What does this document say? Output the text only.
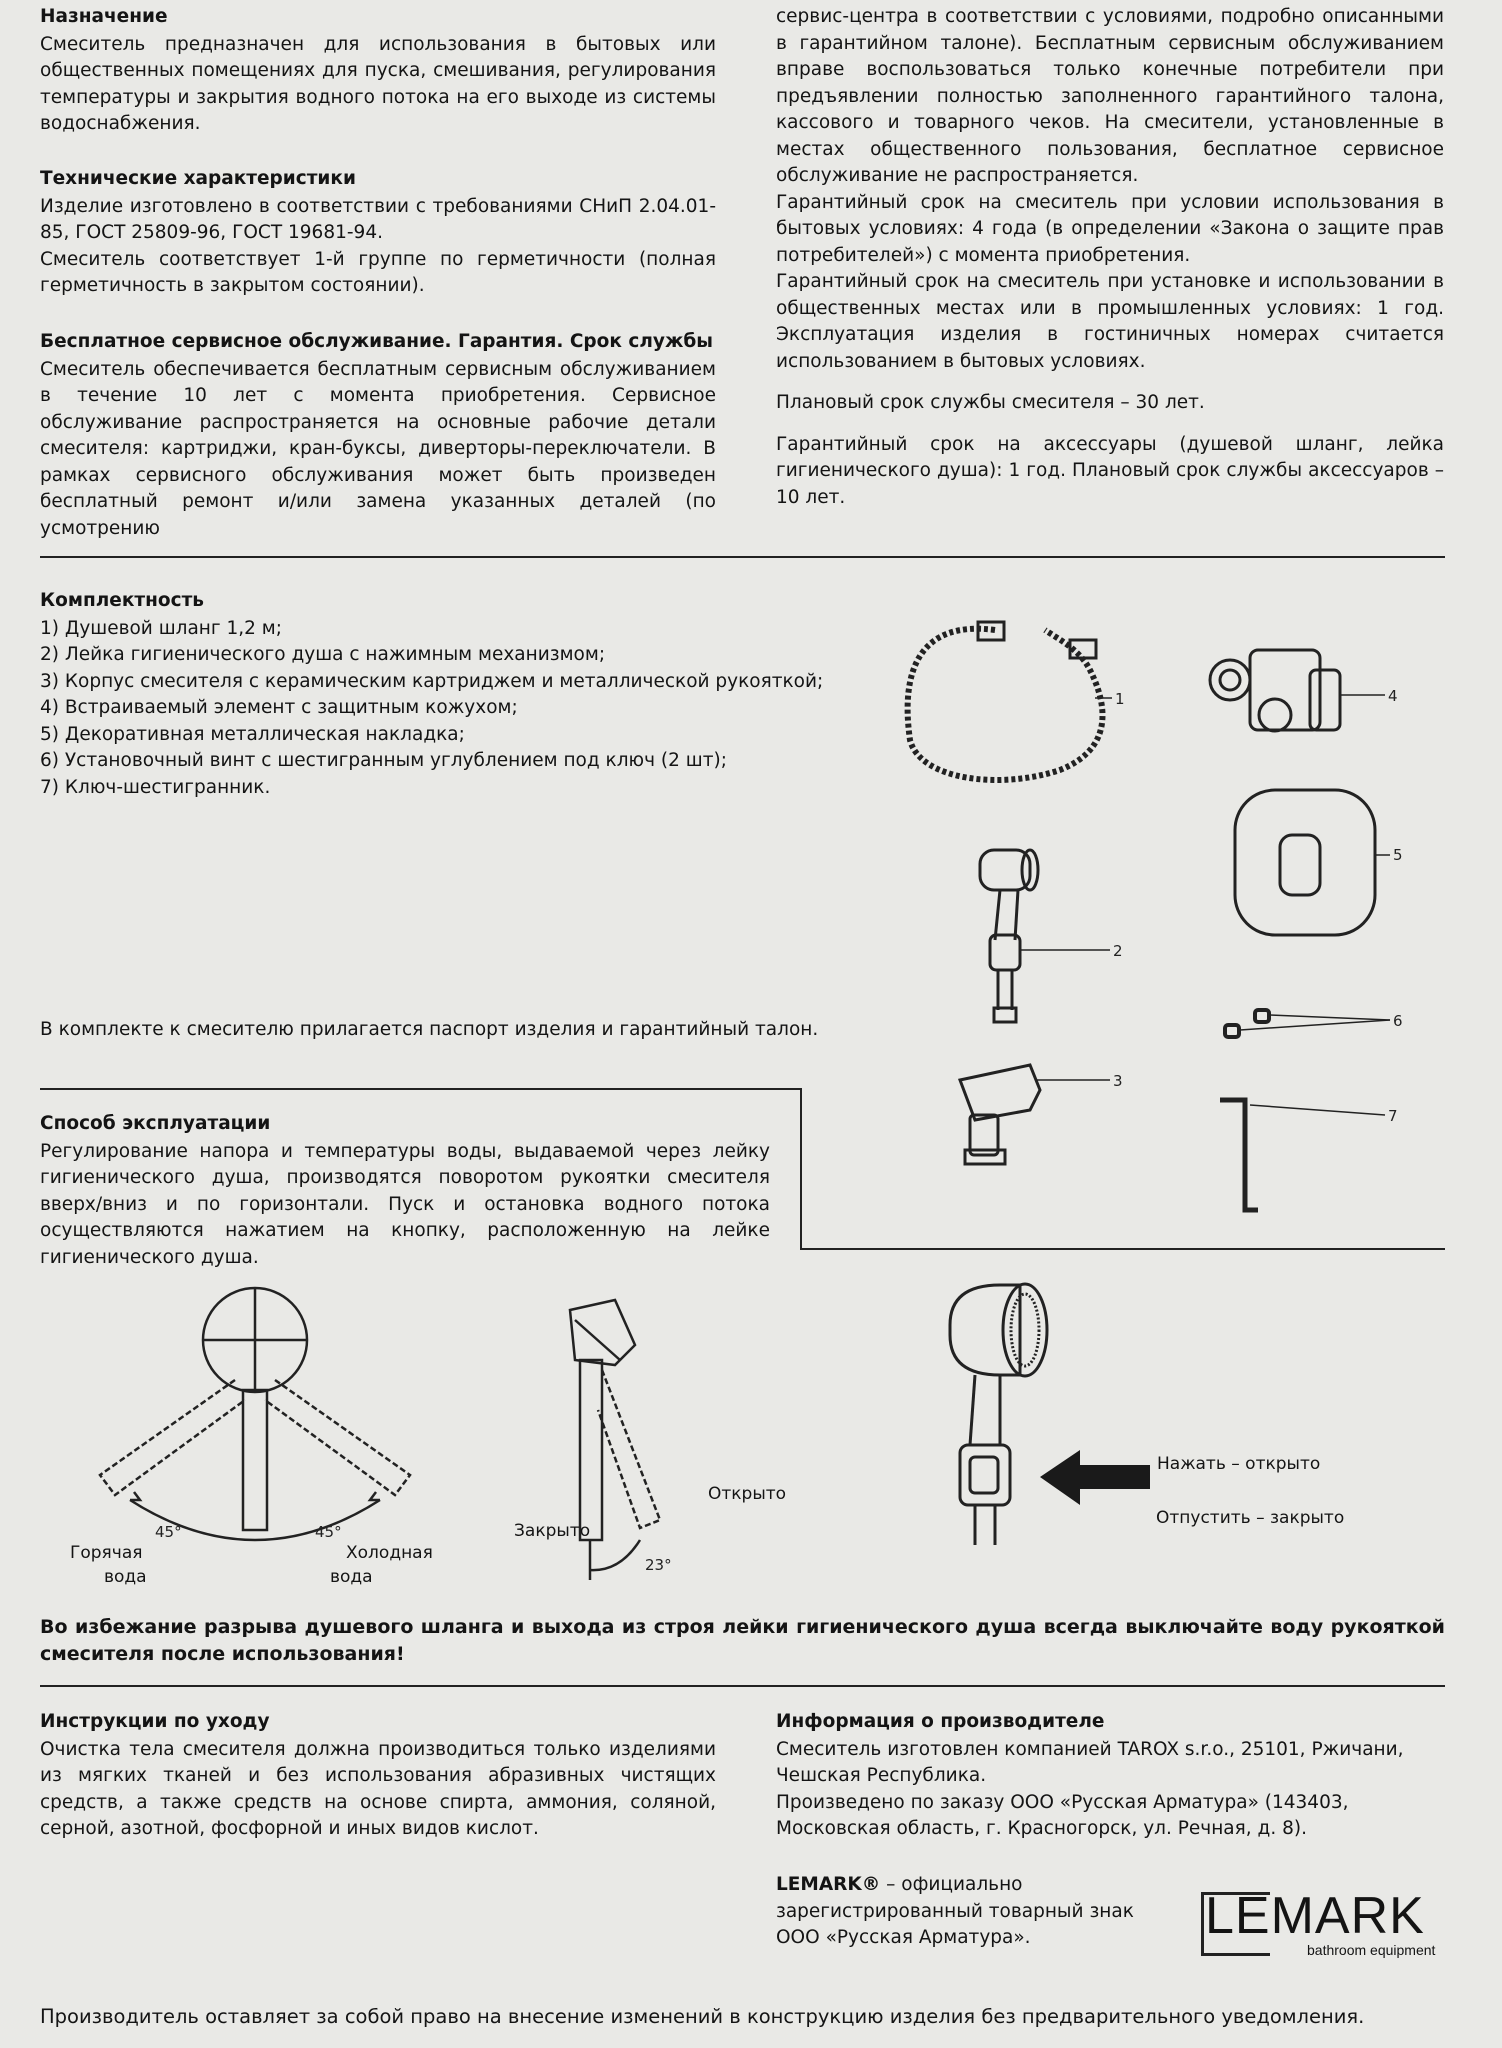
Назначение

Смеситель предназначен для использования в бытовых или общественных помещениях для пуска, смешивания, регулирования температуры и закрытия водного потока на его выходе из системы водоснабжения.

Технические характеристики

Изделие изготовлено в соответствии с требованиями СНиП 2.04.01-85, ГОСТ 25809-96, ГОСТ 19681-94.

Смеситель соответствует 1-й группе по герметичности (полная герметичность в закрытом состоянии).

Бесплатное сервисное обслуживание. Гарантия. Срок службы

Смеситель обеспечивается бесплатным сервисным обслуживанием в течение 10 лет с момента приобретения. Сервисное обслуживание распространяется на основные рабочие детали смесителя: картриджи, кран-буксы, диверторы-переключатели. В рамках сервисного обслуживания может быть произведен бесплатный ремонт и/или замена указанных деталей (по усмотрению

сервис-центра в соответствии с условиями, подробно описанными в гарантийном талоне). Бесплатным сервисным обслуживанием вправе воспользоваться только конечные потребители при предъявлении полностью заполненного гарантийного талона, кассового и товарного чеков. На смесители, установленные в местах общественного пользования, бесплатное сервисное обслуживание не распространяется.

Гарантийный срок на смеситель при условии использования в бытовых условиях: 4 года (в определении «Закона о защите прав потребителей») с момента приобретения.

Гарантийный срок на смеситель при установке и использовании в общественных местах или в промышленных условиях: 1 год. Эксплуатация изделия в гостиничных номерах считается использованием в бытовых условиях.

Плановый срок службы смесителя – 30 лет.

Гарантийный срок на аксессуары (душевой шланг, лейка гигиенического душа): 1 год. Плановый срок службы аксессуаров – 10 лет.

Комплектность
1) Душевой шланг 1,2 м;
2) Лейка гигиенического душа с нажимным механизмом;
3) Корпус смесителя с керамическим картриджем и металлической рукояткой;
4) Встраиваемый элемент с защитным кожухом;
5) Декоративная металлическая накладка;
6) Установочный винт с шестигранным углублением под ключ (2 шт);
7) Ключ-шестигранник.
В комплекте к смесителю прилагается паспорт изделия и гарантийный талон.
1	4
5
2
6
3
7
Способ эксплуатации

Регулирование напора и температуры воды, выдаваемой через лейку гигиенического душа, производятся поворотом рукоятки смесителя вверх/вниз и по горизонтали. Пуск и остановка водного потока осуществляются нажатием на кнопку, расположенную на лейке гигиенического душа.

45°	45°
Горячая
вода
Холодная
вода
23°
Открыто
Закрыто
Нажать – открыто
Отпустить – закрыто
Во избежание разрыва душевого шланга и выхода из строя лейки гигиенического душа всегда выключайте воду рукояткой смесителя после использования!
Инструкции по уходу

Очистка тела смесителя должна производиться только изделиями из мягких тканей и без использования абразивных чистящих средств, а также средств на основе спирта, аммония, соляной, серной, азотной, фосфорной и иных видов кислот.

Информация о производителе

Смеситель изготовлен компанией TAROX s.r.o., 25101, Ржичани, Чешская Республика.

Произведено по заказу ООО «Русская Арматура» (143403, Московская область, г. Красногорск, ул. Речная, д. 8).

LEMARK® – официально зарегистрированный товарный знак ООО «Русская Арматура».	LEMARK
bathroom equipment
Производитель оставляет за собой право на внесение изменений в конструкцию изделия без предварительного уведомления.
